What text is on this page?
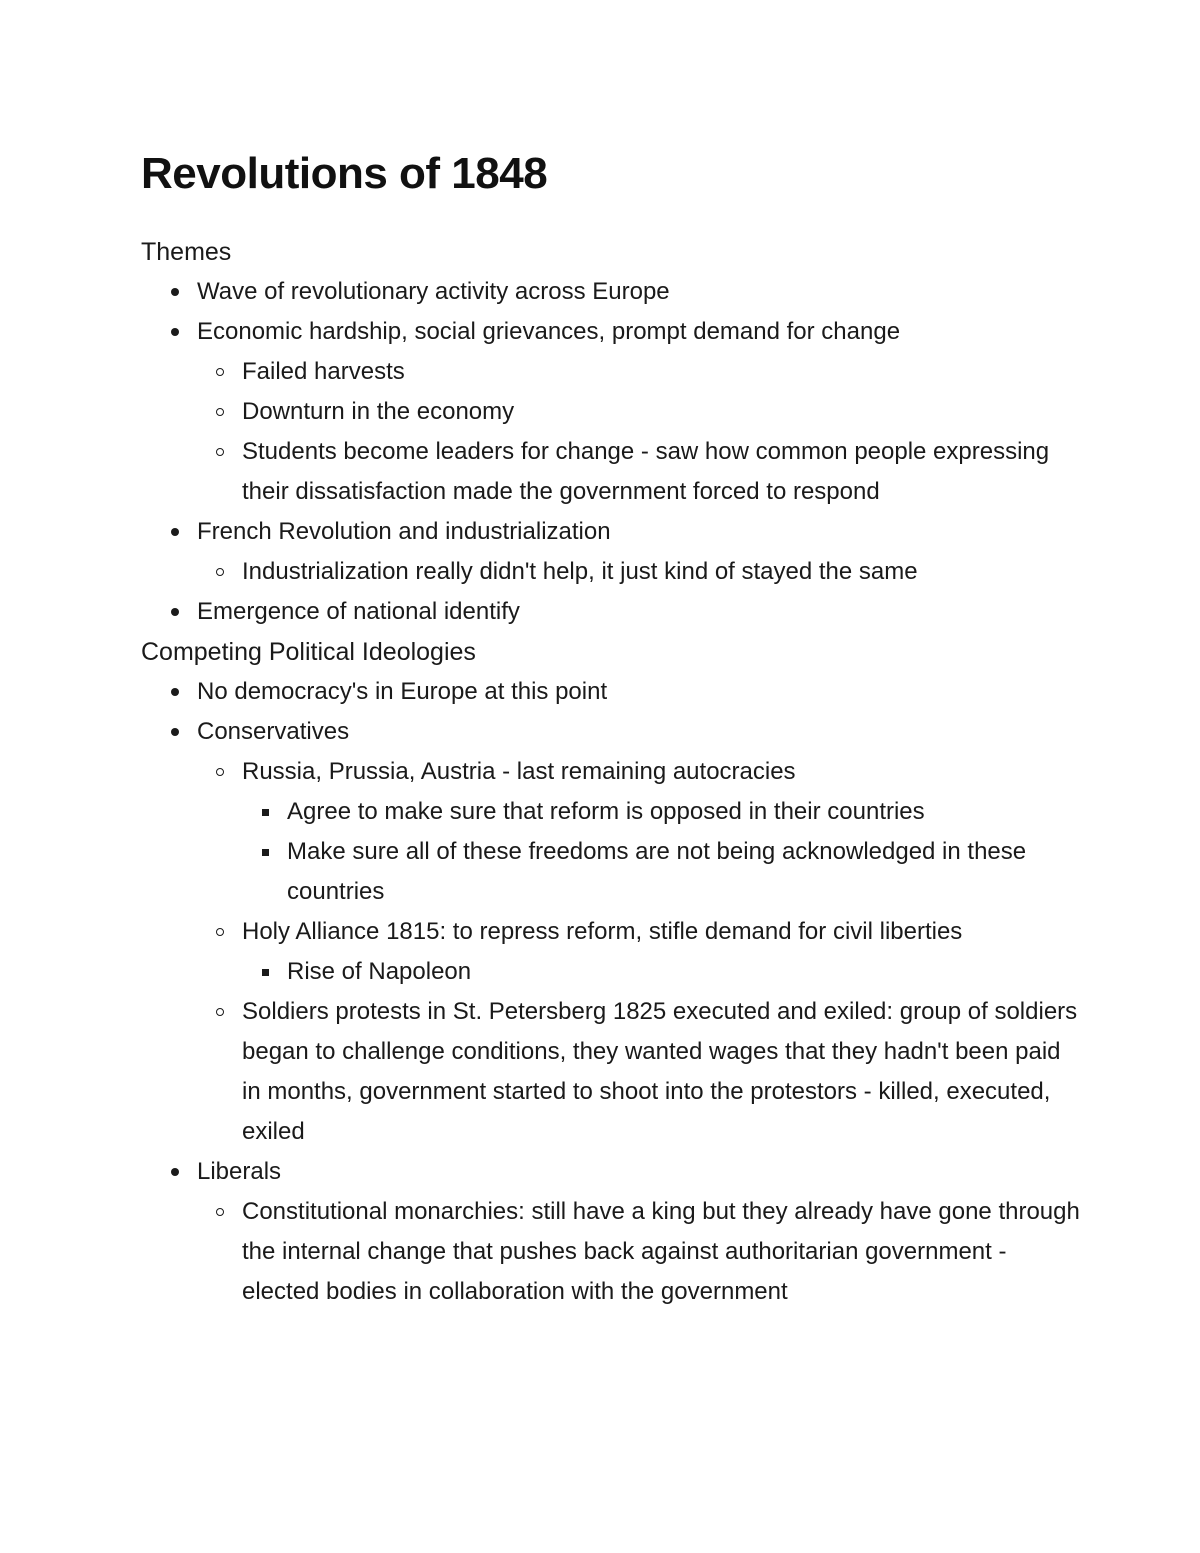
Revolutions of 1848
Themes
Wave of revolutionary activity across Europe
Economic hardship, social grievances, prompt demand for change
Failed harvests
Downturn in the economy
Students become leaders for change - saw how common people expressing their dissatisfaction made the government forced to respond
French Revolution and industrialization
Industrialization really didn't help, it just kind of stayed the same
Emergence of national identify
Competing Political Ideologies
No democracy's in Europe at this point
Conservatives
Russia, Prussia, Austria - last remaining autocracies
Agree to make sure that reform is opposed in their countries
Make sure all of these freedoms are not being acknowledged in these countries
Holy Alliance 1815: to repress reform, stifle demand for civil liberties
Rise of Napoleon
Soldiers protests in St. Petersberg 1825 executed and exiled: group of soldiers began to challenge conditions, they wanted wages that they hadn't been paid in months, government started to shoot into the protestors - killed, executed, exiled
Liberals
Constitutional monarchies: still have a king but they already have gone through the internal change that pushes back against authoritarian government - elected bodies in collaboration with the government
